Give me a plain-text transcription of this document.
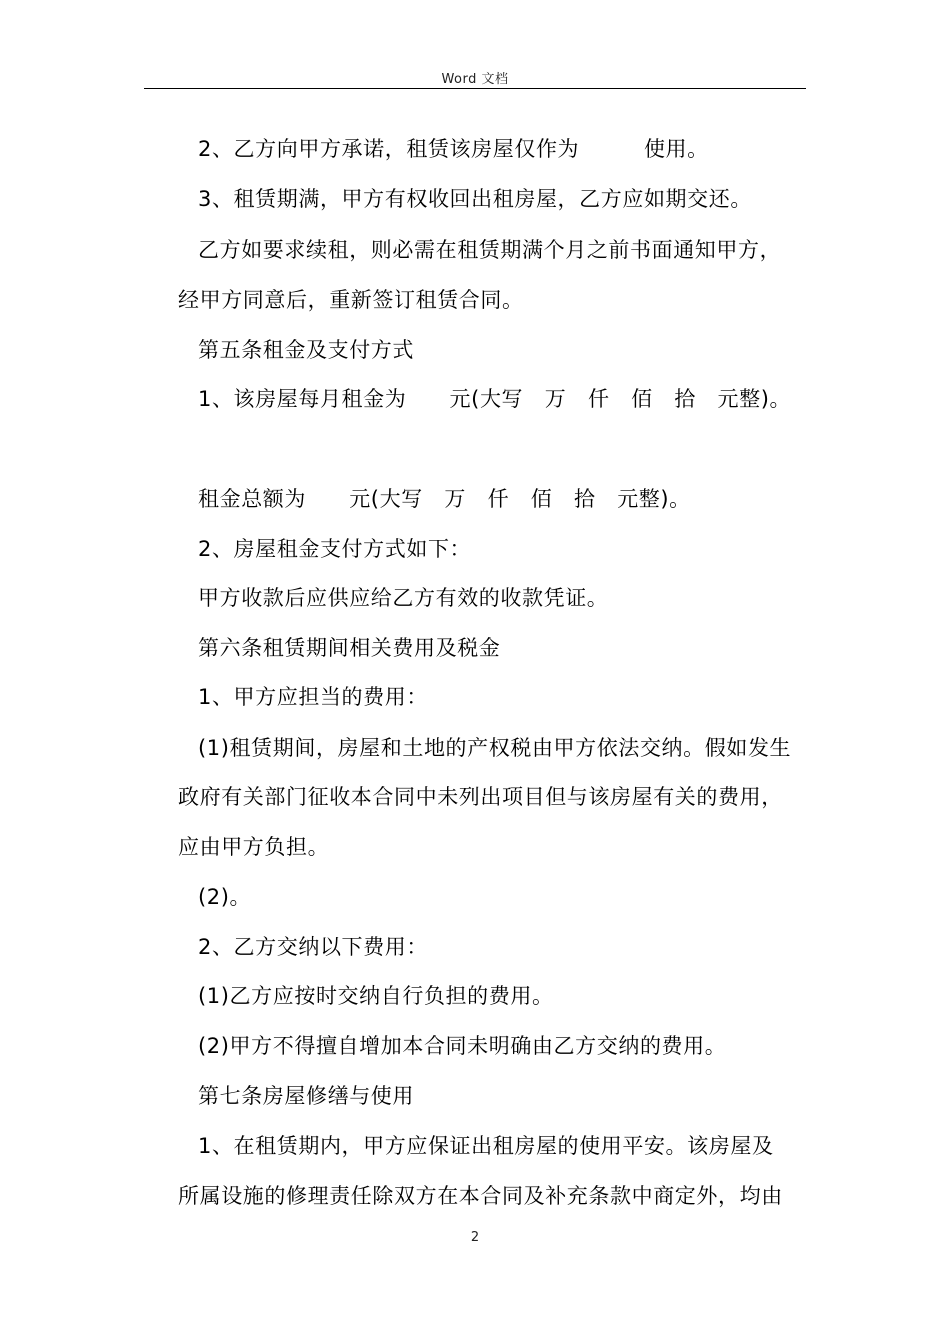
Word 文档
2、乙方向甲方承诺，租赁该房屋仅作为　　　使用。
3、租赁期满，甲方有权收回出租房屋，乙方应如期交还。
乙方如要求续租，则必需在租赁期满个月之前书面通知甲方，
经甲方同意后，重新签订租赁合同。
第五条租金及支付方式
1、该房屋每月租金为　　元(大写　万　仟　佰　拾　元整)。
租金总额为　　元(大写　万　仟　佰　拾　元整)。
2、房屋租金支付方式如下：
甲方收款后应供应给乙方有效的收款凭证。
第六条租赁期间相关费用及税金
1、甲方应担当的费用：
(1)租赁期间，房屋和土地的产权税由甲方依法交纳。假如发生
政府有关部门征收本合同中未列出项目但与该房屋有关的费用，
应由甲方负担。
(2)。
2、乙方交纳以下费用：
(1)乙方应按时交纳自行负担的费用。
(2)甲方不得擅自增加本合同未明确由乙方交纳的费用。
第七条房屋修缮与使用
1、在租赁期内，甲方应保证出租房屋的使用平安。该房屋及
所属设施的修理责任除双方在本合同及补充条款中商定外，均由
2
